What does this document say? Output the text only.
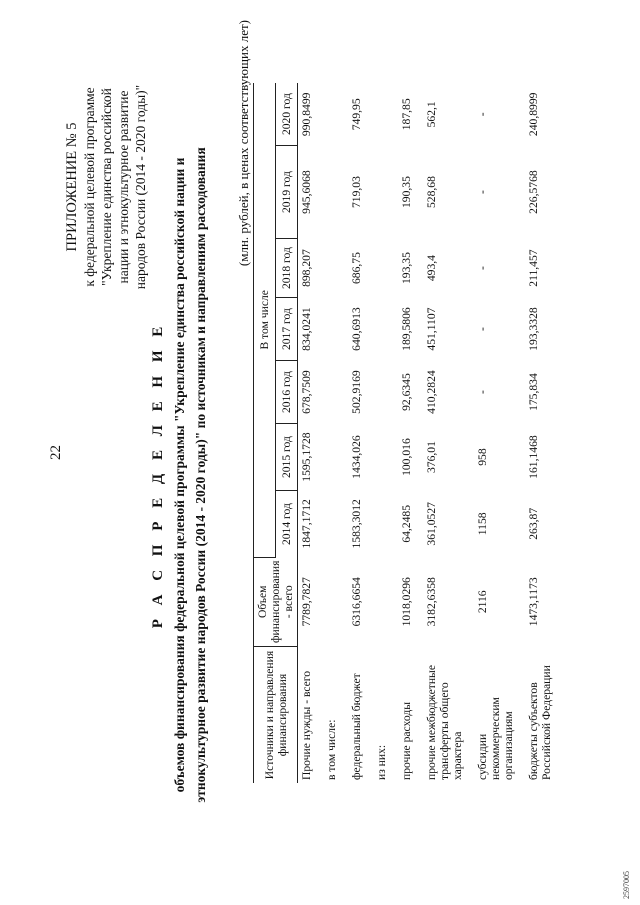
22
ПРИЛОЖЕНИЕ № 5 к федеральной целевой программе "Укрепление единства российской нации и этнокультурное развитие народов России (2014 - 2020 годы)"
Р А С П Р Е Д Е Л Е Н И Е объемов финансирования федеральной целевой программы "Укрепление единства российской нации и этнокультурное развитие народов России (2014 - 2020 годы)" по источникам и направлениям расходования
(млн. рублей, в ценах соответствующих лет)
Источники и направления финансирования	Объем финансирования - всего	В том числе						
		2014 год	2015 год	2016 год	2017 год	2018 год	2019 год	2020 год
Прочие нужды - всего	7789,7827	1847,1712	1595,1728	678,7509	834,0241	898,207	945,6068	990,8499
в том числе:								
федеральный бюджет	6316,6654	1583,3012	1434,026	502,9169	640,6913	686,75	719,03	749,95
из них:								
прочие расходы	1018,0296	64,2485	100,016	92,6345	189,5806	193,35	190,35	187,85
прочие межбюджетные трансферты общего характера	3182,6358	361,0527	376,01	410,2824	451,1107	493,4	528,68	562,1
субсидии некоммерческим организациям	2116	1158	958	-	-	-	-	-
бюджеты субъектов Российской Федерации	1473,1173	263,87	161,1468	175,834	193,3328	211,457	226,5768	240,8999
2597005
